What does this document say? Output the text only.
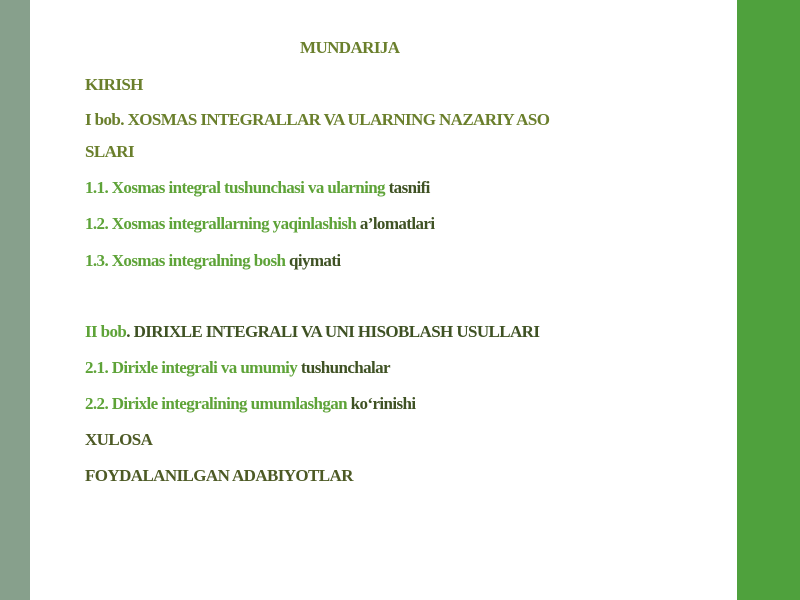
MUNDARIJA
KIRISH
I bob. XOSMAS INTEGRALLAR VA ULARNING NAZARIY ASO
SLARI
1.1. Xosmas integral tushunchasi va ularning tasnifi
1.2. Xosmas integrallarning yaqinlashish a’lomatlari
1.3. Xosmas integralning bosh qiymati
II bob. DIRIXLE INTEGRALI VA UNI HISOBLASH USULLARI
2.1. Dirixle integrali va umumiy tushunchalar
2.2. Dirixle integralining umumlashgan ko‘rinishi
XULOSA
FOYDALANILGAN ADABIYOTLAR
